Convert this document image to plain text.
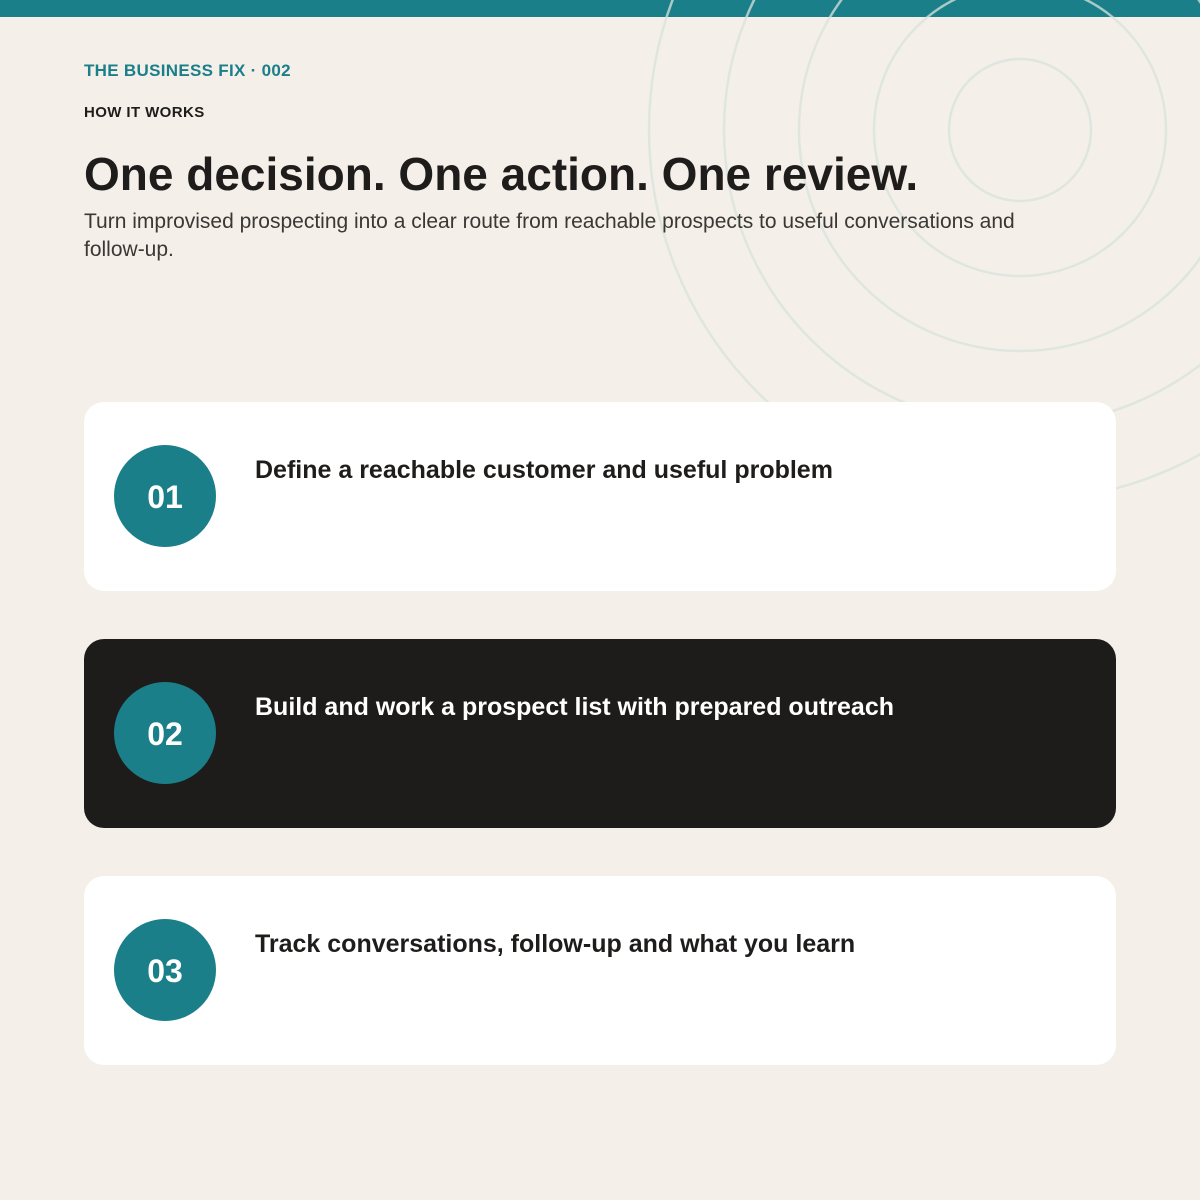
THE BUSINESS FIX · 002
HOW IT WORKS
One decision. One action. One review.

Turn improvised prospecting into a clear route from reachable prospects to useful conversations and follow-up.

01
Define a reachable customer and useful problem
02
Build and work a prospect list with prepared outreach
03
Track conversations, follow-up and what you learn
